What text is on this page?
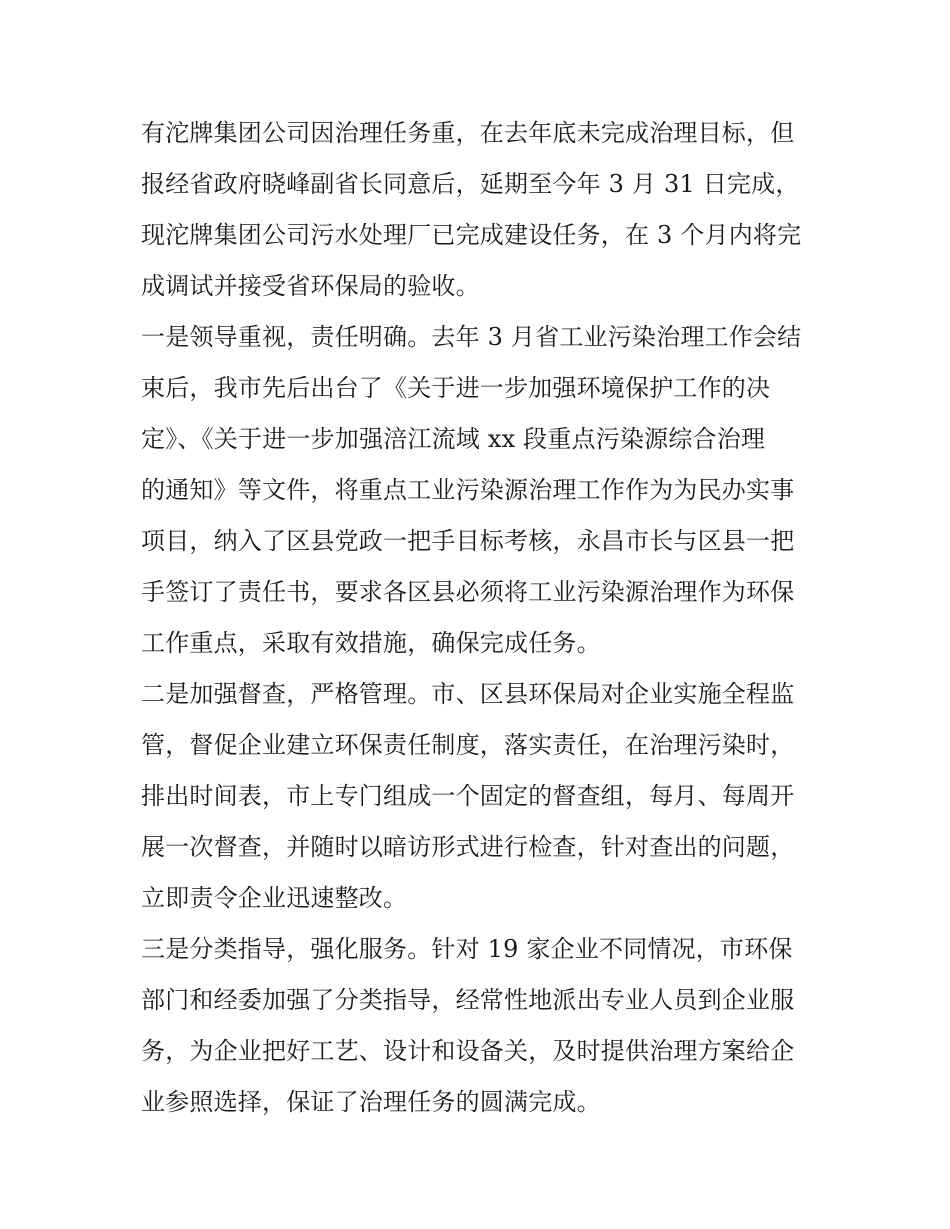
有沱牌集团公司因治理任务重，在去年底未完成治理目标，但
报经省政府晓峰副省长同意后，延期至今年 3 月 31 日完成，
现沱牌集团公司污水处理厂已完成建设任务，在 3 个月内将完
成调试并接受省环保局的验收。
一是领导重视，责任明确。去年 3 月省工业污染治理工作会结
束后，我市先后出台了《关于进一步加强环境保护工作的决
定》、《关于进一步加强涪江流域 xx 段重点污染源综合治理
的通知》等文件，将重点工业污染源治理工作作为为民办实事
项目，纳入了区县党政一把手目标考核，永昌市长与区县一把
手签订了责任书，要求各区县必须将工业污染源治理作为环保
工作重点，采取有效措施，确保完成任务。
二是加强督查，严格管理。市、区县环保局对企业实施全程监
管，督促企业建立环保责任制度，落实责任，在治理污染时，
排出时间表，市上专门组成一个固定的督查组，每月、每周开
展一次督查，并随时以暗访形式进行检查，针对查出的问题，
立即责令企业迅速整改。
三是分类指导，强化服务。针对 19 家企业不同情况，市环保
部门和经委加强了分类指导，经常性地派出专业人员到企业服
务，为企业把好工艺、设计和设备关，及时提供治理方案给企
业参照选择，保证了治理任务的圆满完成。
